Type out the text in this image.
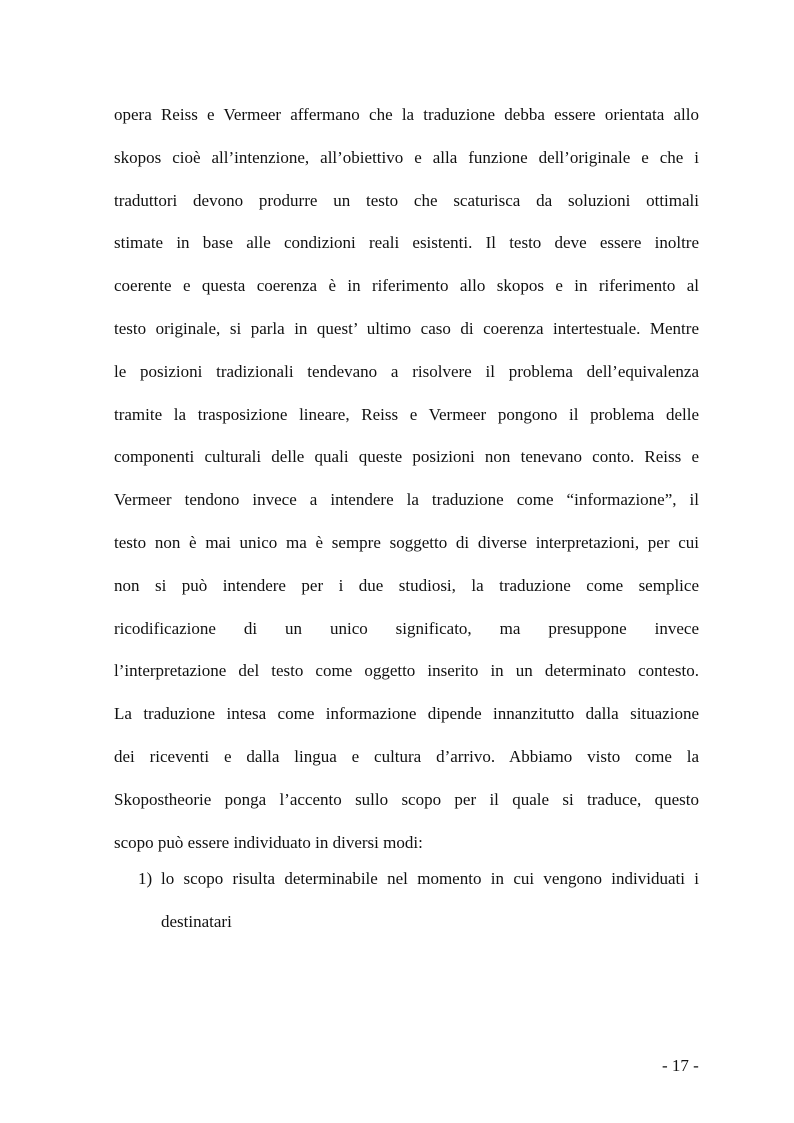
opera Reiss e Vermeer affermano che la traduzione debba essere orientata allo
skopos cioè all’intenzione, all’obiettivo e alla funzione dell’originale e che i
traduttori devono produrre un testo che scaturisca da soluzioni ottimali
stimate in base alle condizioni reali esistenti. Il testo deve essere inoltre
coerente e questa coerenza è in riferimento allo skopos e in riferimento al
testo originale, si parla in quest’ ultimo caso di coerenza intertestuale. Mentre
le posizioni tradizionali tendevano a risolvere il problema dell’equivalenza
tramite la trasposizione lineare, Reiss e Vermeer pongono il problema delle
componenti culturali delle quali queste posizioni non tenevano conto. Reiss e
Vermeer tendono invece a intendere la traduzione come “informazione”, il
testo non è mai unico ma è sempre soggetto di diverse interpretazioni, per cui
non si può intendere per i due studiosi, la traduzione come semplice
ricodificazione di un unico significato, ma presuppone invece
l’interpretazione del testo come oggetto inserito in un determinato contesto.
La traduzione intesa come informazione dipende innanzitutto dalla situazione
dei riceventi e dalla lingua e cultura d’arrivo. Abbiamo visto come la
Skopostheorie ponga l’accento sullo scopo per il quale si traduce, questo
scopo può essere individuato in diversi modi:

1) lo scopo risulta determinabile nel momento in cui vengono individuati i
destinatari
- 17 -
